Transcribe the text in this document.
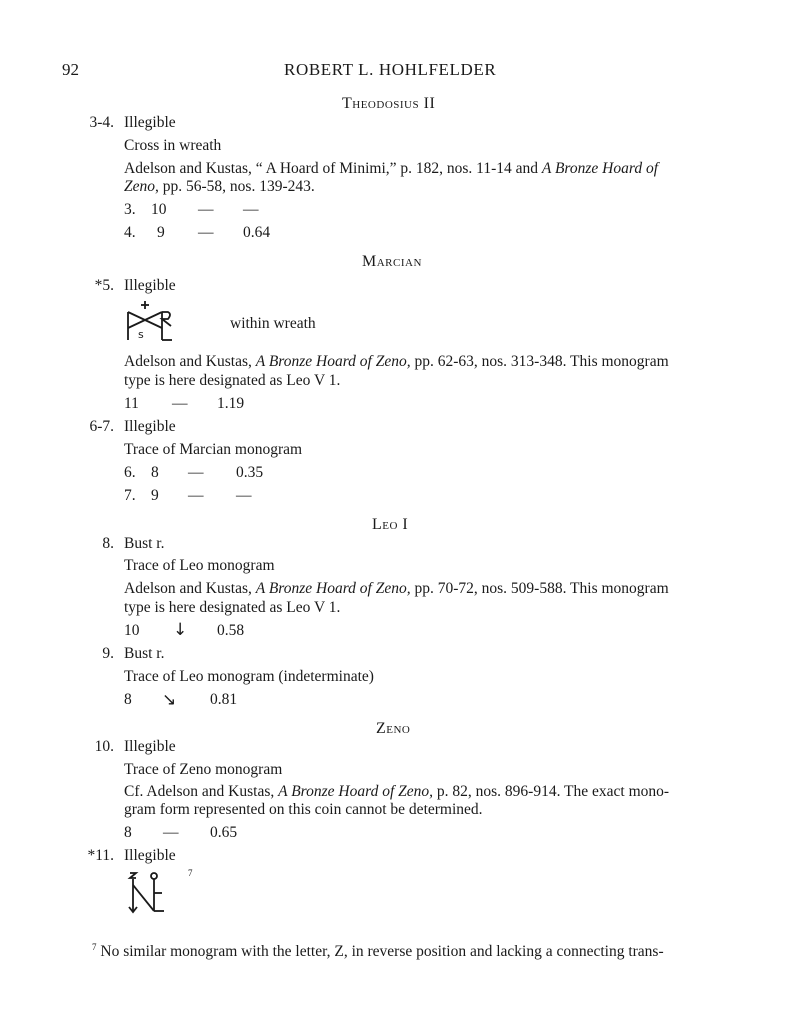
92	ROBERT L. HOHLFELDER
Theodosius II
3-4. Illegible
Cross in wreath
Adelson and Kustas, “ A Hoard of Minimi,” p. 182, nos. 11-14 and A Bronze Hoard of
Zeno, pp. 56-58, nos. 139-243.
3. 10 — —
4. 9 — 0.64
Marcian
*5. Illegible
s
within wreath
Adelson and Kustas, A Bronze Hoard of Zeno, pp. 62-63, nos. 313-348. This monogram
type is here designated as Leo V 1.
11 — 1.19
6-7. Illegible
Trace of Marcian monogram
6. 8 — 0.35
7. 9 — —
Leo I
8. Bust r.
Trace of Leo monogram
Adelson and Kustas, A Bronze Hoard of Zeno, pp. 70-72, nos. 509-588. This monogram
type is here designated as Leo V 1.
10 ↓ 0.58
9. Bust r.
Trace of Leo monogram (indeterminate)
8 ↘ 0.81
Zeno
10. Illegible
Trace of Zeno monogram
Cf. Adelson and Kustas, A Bronze Hoard of Zeno, p. 82, nos. 896-914. The exact mono-
gram form represented on this coin cannot be determined.
8 — 0.65
*11. Illegible
7
$^7$ No similar monogram with the letter, Z, in reverse position and lacking a connecting trans-
